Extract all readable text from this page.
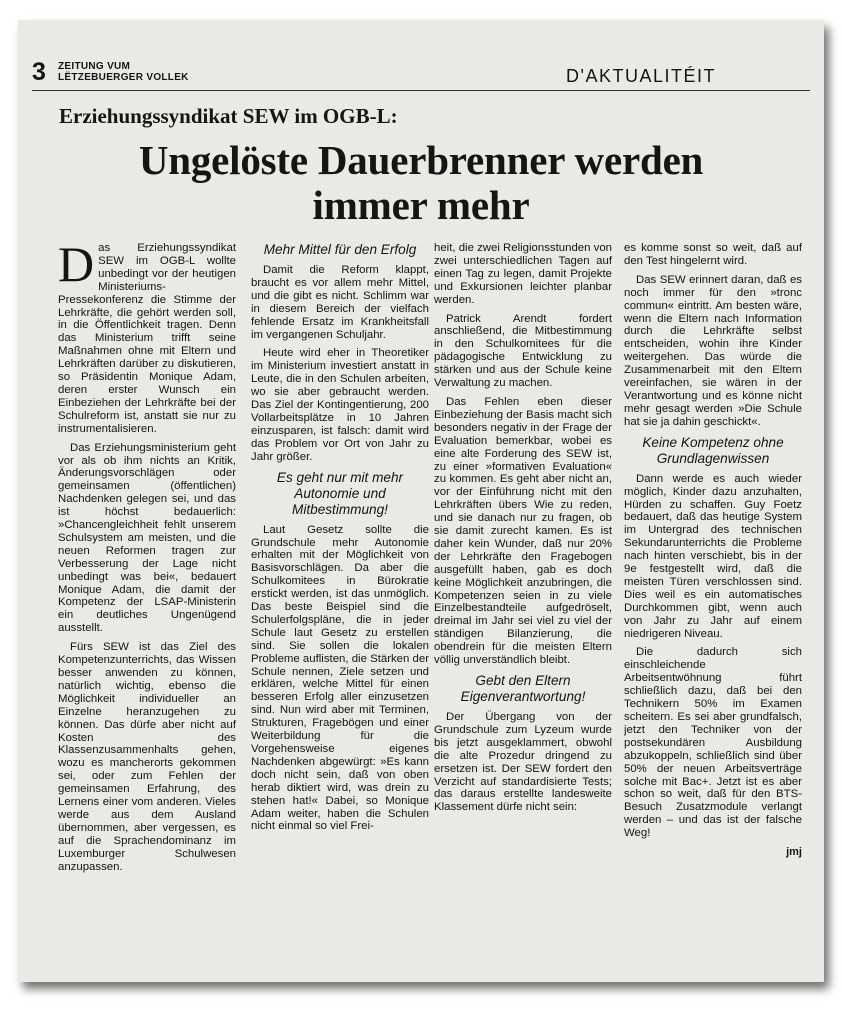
3 ZEITUNG VUM
LËTZEBUERGER VOLLEK	D'AKTUALITÉIT
Erziehungssyndikat SEW im OGB-L:
Ungelöste Dauerbrenner werden
immer mehr

Das Erziehungssyndikat SEW im OGB-L wollte unbedingt vor der heutigen Ministeriums-Pressekonferenz die Stimme der Lehrkräfte, die gehört werden soll, in die Öffentlichkeit tragen. Denn das Ministerium trifft seine Maßnahmen ohne mit Eltern und Lehrkräften darüber zu diskutieren, so Präsidentin Monique Adam, deren erster Wunsch ein Einbeziehen der Lehrkräfte bei der Schulreform ist, anstatt sie nur zu instrumentalisieren.

Das Erziehungsministerium geht vor als ob ihm nichts an Kritik, Änderungsvorschlägen oder gemeinsamen (öffentlichen) Nachdenken gelegen sei, und das ist höchst bedauerlich: »Chancengleichheit fehlt unserem Schulsystem am meisten, und die neuen Reformen tragen zur Verbesserung der Lage nicht unbedingt was bei«, bedauert Monique Adam, die damit der Kompetenz der LSAP-Ministerin ein deutliches Ungenügend ausstellt.

Fürs SEW ist das Ziel des Kompetenzunterrichts, das Wissen besser anwenden zu können, natürlich wichtig, ebenso die Möglichkeit individueller an Einzelne heranzugehen zu können. Das dürfe aber nicht auf Kosten des Klassenzusammenhalts gehen, wozu es mancherorts gekommen sei, oder zum Fehlen der gemeinsamen Erfahrung, des Lernens einer vom anderen. Vieles werde aus dem Ausland übernommen, aber vergessen, es auf die Sprachendominanz im Luxemburger Schulwesen anzupassen.

Mehr Mittel für den Erfolg

Damit die Reform klappt, braucht es vor allem mehr Mittel, und die gibt es nicht. Schlimm war in diesem Bereich der vielfach fehlende Ersatz im Krankheitsfall im vergangenen Schuljahr.

Heute wird eher in Theoretiker im Ministerium investiert anstatt in Leute, die in den Schulen arbeiten, wo sie aber gebraucht werden. Das Ziel der Kontingentierung, 200 Vollarbeitsplätze in 10 Jahren einzusparen, ist falsch: damit wird das Problem vor Ort von Jahr zu Jahr größer.

Es geht nur mit mehr Autonomie und Mitbestimmung!

Laut Gesetz sollte die Grundschule mehr Autonomie erhalten mit der Möglichkeit von Basisvorschlägen. Da aber die Schulkomitees in Bürokratie erstickt werden, ist das unmöglich. Das beste Beispiel sind die Schulerfolgspläne, die in jeder Schule laut Gesetz zu erstellen sind. Sie sollen die lokalen Probleme auflisten, die Stärken der Schule nennen, Ziele setzen und erklären, welche Mittel für einen besseren Erfolg aller einzusetzen sind. Nun wird aber mit Terminen, Strukturen, Fragebögen und einer Weiterbildung für die Vorgehensweise eigenes Nachdenken abgewürgt: »Es kann doch nicht sein, daß von oben herab diktiert wird, was drein zu stehen hat!« Dabei, so Monique Adam weiter, haben die Schulen nicht einmal so viel Frei-

heit, die zwei Religionsstunden von zwei unterschiedlichen Tagen auf einen Tag zu legen, damit Projekte und Exkursionen leichter planbar werden.

Patrick Arendt fordert anschließend, die Mitbestimmung in den Schulkomitees für die pädagogische Entwicklung zu stärken und aus der Schule keine Verwaltung zu machen.

Das Fehlen eben dieser Einbeziehung der Basis macht sich besonders negativ in der Frage der Evaluation bemerkbar, wobei es eine alte Forderung des SEW ist, zu einer »formativen Evaluation« zu kommen. Es geht aber nicht an, vor der Einführung nicht mit den Lehrkräften übers Wie zu reden, und sie danach nur zu fragen, ob sie damit zurecht kamen. Es ist daher kein Wunder, daß nur 20% der Lehrkräfte den Fragebogen ausgefüllt haben, gab es doch keine Möglichkeit anzubringen, die Kompetenzen seien in zu viele Einzelbestandteile aufgedröselt, dreimal im Jahr sei viel zu viel der ständigen Bilanzierung, die obendrein für die meisten Eltern völlig unverständlich bleibt.

Gebt den Eltern Eigenverantwortung!

Der Übergang von der Grundschule zum Lyzeum wurde bis jetzt ausgeklammert, obwohl die alte Prozedur dringend zu ersetzen ist. Der SEW fordert den Verzicht auf standardisierte Tests; das daraus erstellte landesweite Klassement dürfe nicht sein:

es komme sonst so weit, daß auf den Test hingelernt wird.

Das SEW erinnert daran, daß es noch immer für den »tronc commun« eintritt. Am besten wäre, wenn die Eltern nach Information durch die Lehrkräfte selbst entscheiden, wohin ihre Kinder weitergehen. Das würde die Zusammenarbeit mit den Eltern vereinfachen, sie wären in der Verantwortung und es könne nicht mehr gesagt werden »Die Schule hat sie ja dahin geschickt«.

Keine Kompetenz ohne Grundlagenwissen

Dann werde es auch wieder möglich, Kinder dazu anzuhalten, Hürden zu schaffen. Guy Foetz bedauert, daß das heutige System im Untergrad des technischen Sekundarunterrichts die Probleme nach hinten verschiebt, bis in der 9e festgestellt wird, daß die meisten Türen verschlossen sind. Dies weil es ein automatisches Durchkommen gibt, wenn auch von Jahr zu Jahr auf einem niedrigeren Niveau.

Die dadurch sich einschleichende Arbeitsentwöhnung führt schließlich dazu, daß bei den Technikern 50% im Examen scheitern. Es sei aber grundfalsch, jetzt den Techniker von der postsekundären Ausbildung abzukoppeln, schließlich sind über 50% der neuen Arbeitsverträge solche mit Bac+. Jetzt ist es aber schon so weit, daß für den BTS-Besuch Zusatzmodule verlangt werden – und das ist der falsche Weg!

jmj
